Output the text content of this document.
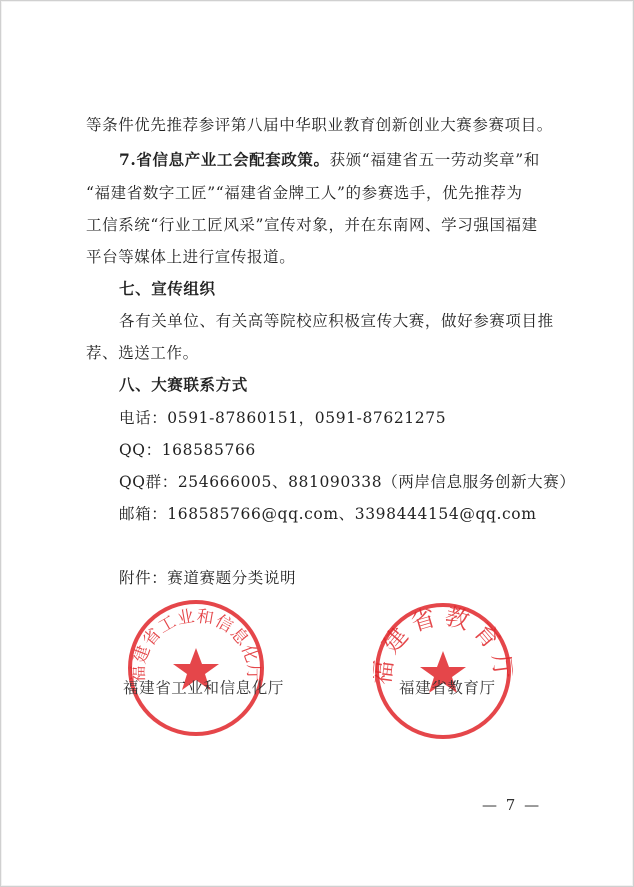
等条件优先推荐参评第八届中华职业教育创新创业大赛参赛项目。
7.省信息产业工会配套政策。获颁“福建省五一劳动奖章”和
“福建省数字工匠”“福建省金牌工人”的参赛选手，优先推荐为
工信系统“行业工匠风采”宣传对象，并在东南网、学习强国福建
平台等媒体上进行宣传报道。
七、宣传组织
各有关单位、有关高等院校应积极宣传大赛，做好参赛项目推
荐、选送工作。
八、大赛联系方式
电话：0591-87860151，0591-87621275
QQ：168585766
QQ群：254666005、881090338（两岸信息服务创新大赛）
邮箱：168585766@qq.com、3398444154@qq.com
附件：赛道赛题分类说明
福建省工业和信息化厅
建省教育
福建省工业和信息化厅	福建省教育厅
— 7 —
